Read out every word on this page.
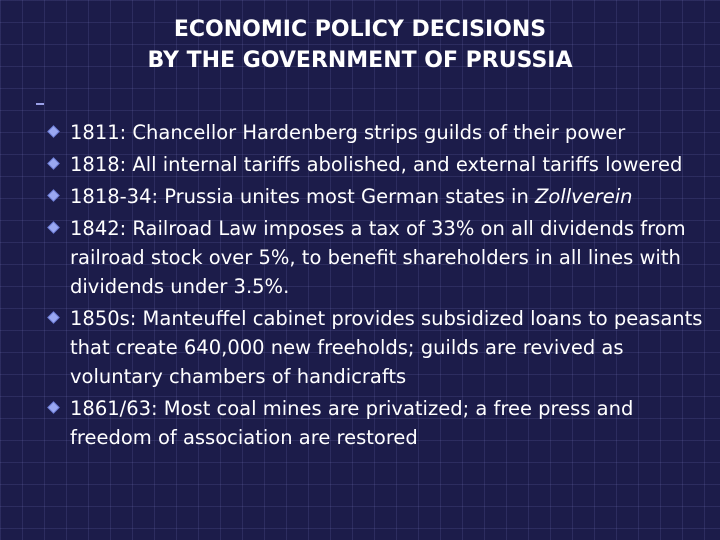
ECONOMIC POLICY DECISIONS
BY THE GOVERNMENT OF PRUSSIA
1811: Chancellor Hardenberg strips guilds of their power
1818: All internal tariffs abolished, and external tariffs lowered
1818-34: Prussia unites most German states in Zollverein
1842: Railroad Law imposes a tax of 33% on all dividends from railroad stock over 5%, to benefit shareholders in all lines with dividends under 3.5%.
1850s: Manteuffel cabinet provides subsidized loans to peasants that create 640,000 new freeholds; guilds are revived as voluntary chambers of handicrafts
1861/63: Most coal mines are privatized; a free press and freedom of association are restored
